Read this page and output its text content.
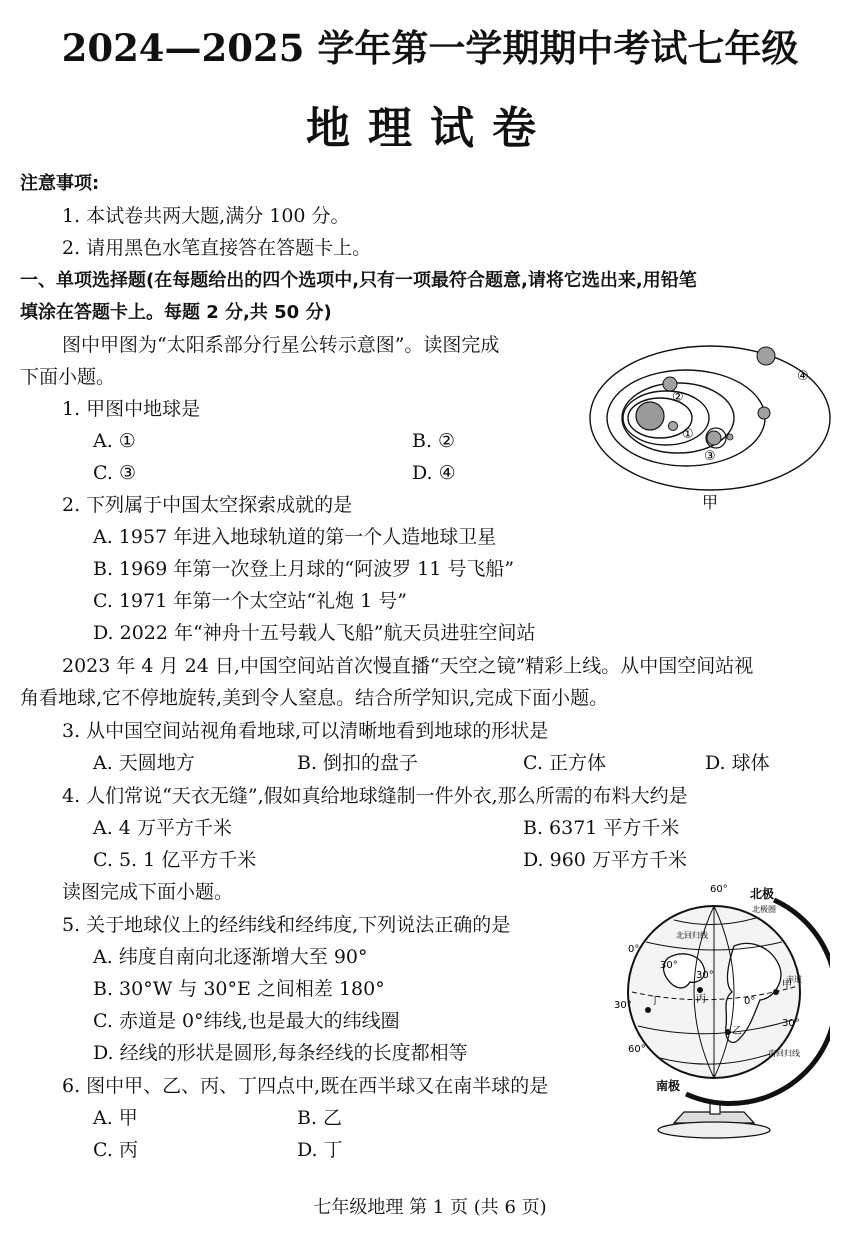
2024—2025 学年第一学期期中考试七年级
地理试卷
注意事项:
1. 本试卷共两大题,满分 100 分。
2. 请用黑色水笔直接答在答题卡上。
一、单项选择题(在每题给出的四个选项中,只有一项最符合题意,请将它选出来,用铅笔
填涂在答题卡上。每题 2 分,共 50 分)
图中甲图为“太阳系部分行星公转示意图”。读图完成
下面小题。
1. 甲图中地球是
A. ①	B. ②
C. ③	D. ④
2. 下列属于中国太空探索成就的是
A. 1957 年进入地球轨道的第一个人造地球卫星
B. 1969 年第一次登上月球的“阿波罗 11 号飞船”
C. 1971 年第一个太空站“礼炮 1 号”
D. 2022 年“神舟十五号载人飞船”航天员进驻空间站
2023 年 4 月 24 日,中国空间站首次慢直播“天空之镜”精彩上线。从中国空间站视
角看地球,它不停地旋转,美到令人窒息。结合所学知识,完成下面小题。
3. 从中国空间站视角看地球,可以清晰地看到地球的形状是
A. 天圆地方	B. 倒扣的盘子	C. 正方体	D. 球体
4. 人们常说“天衣无缝”,假如真给地球缝制一件外衣,那么所需的布料大约是
A. 4 万平方千米	B. 6371 平方千米
C. 5. 1 亿平方千米	D. 960 万平方千米
读图完成下面小题。
5. 关于地球仪上的经纬线和经纬度,下列说法正确的是
A. 纬度自南向北逐渐增大至 90°
B. 30°W 与 30°E 之间相差 180°
C. 赤道是 0°纬线,也是最大的纬线圈
D. 经线的形状是圆形,每条经线的长度都相等
6. 图中甲、乙、丙、丁四点中,既在西半球又在南半球的是
A. 甲	B. 乙
C. 丙	D. 丁
①
②
③
④
甲
北极
南极
60°
30°
0°
30°
60°
30°
0°
30°
北极圈
北回归线
赤道
南回归线
甲
乙
丙
丁
七年级地理 第 1 页 (共 6 页)
